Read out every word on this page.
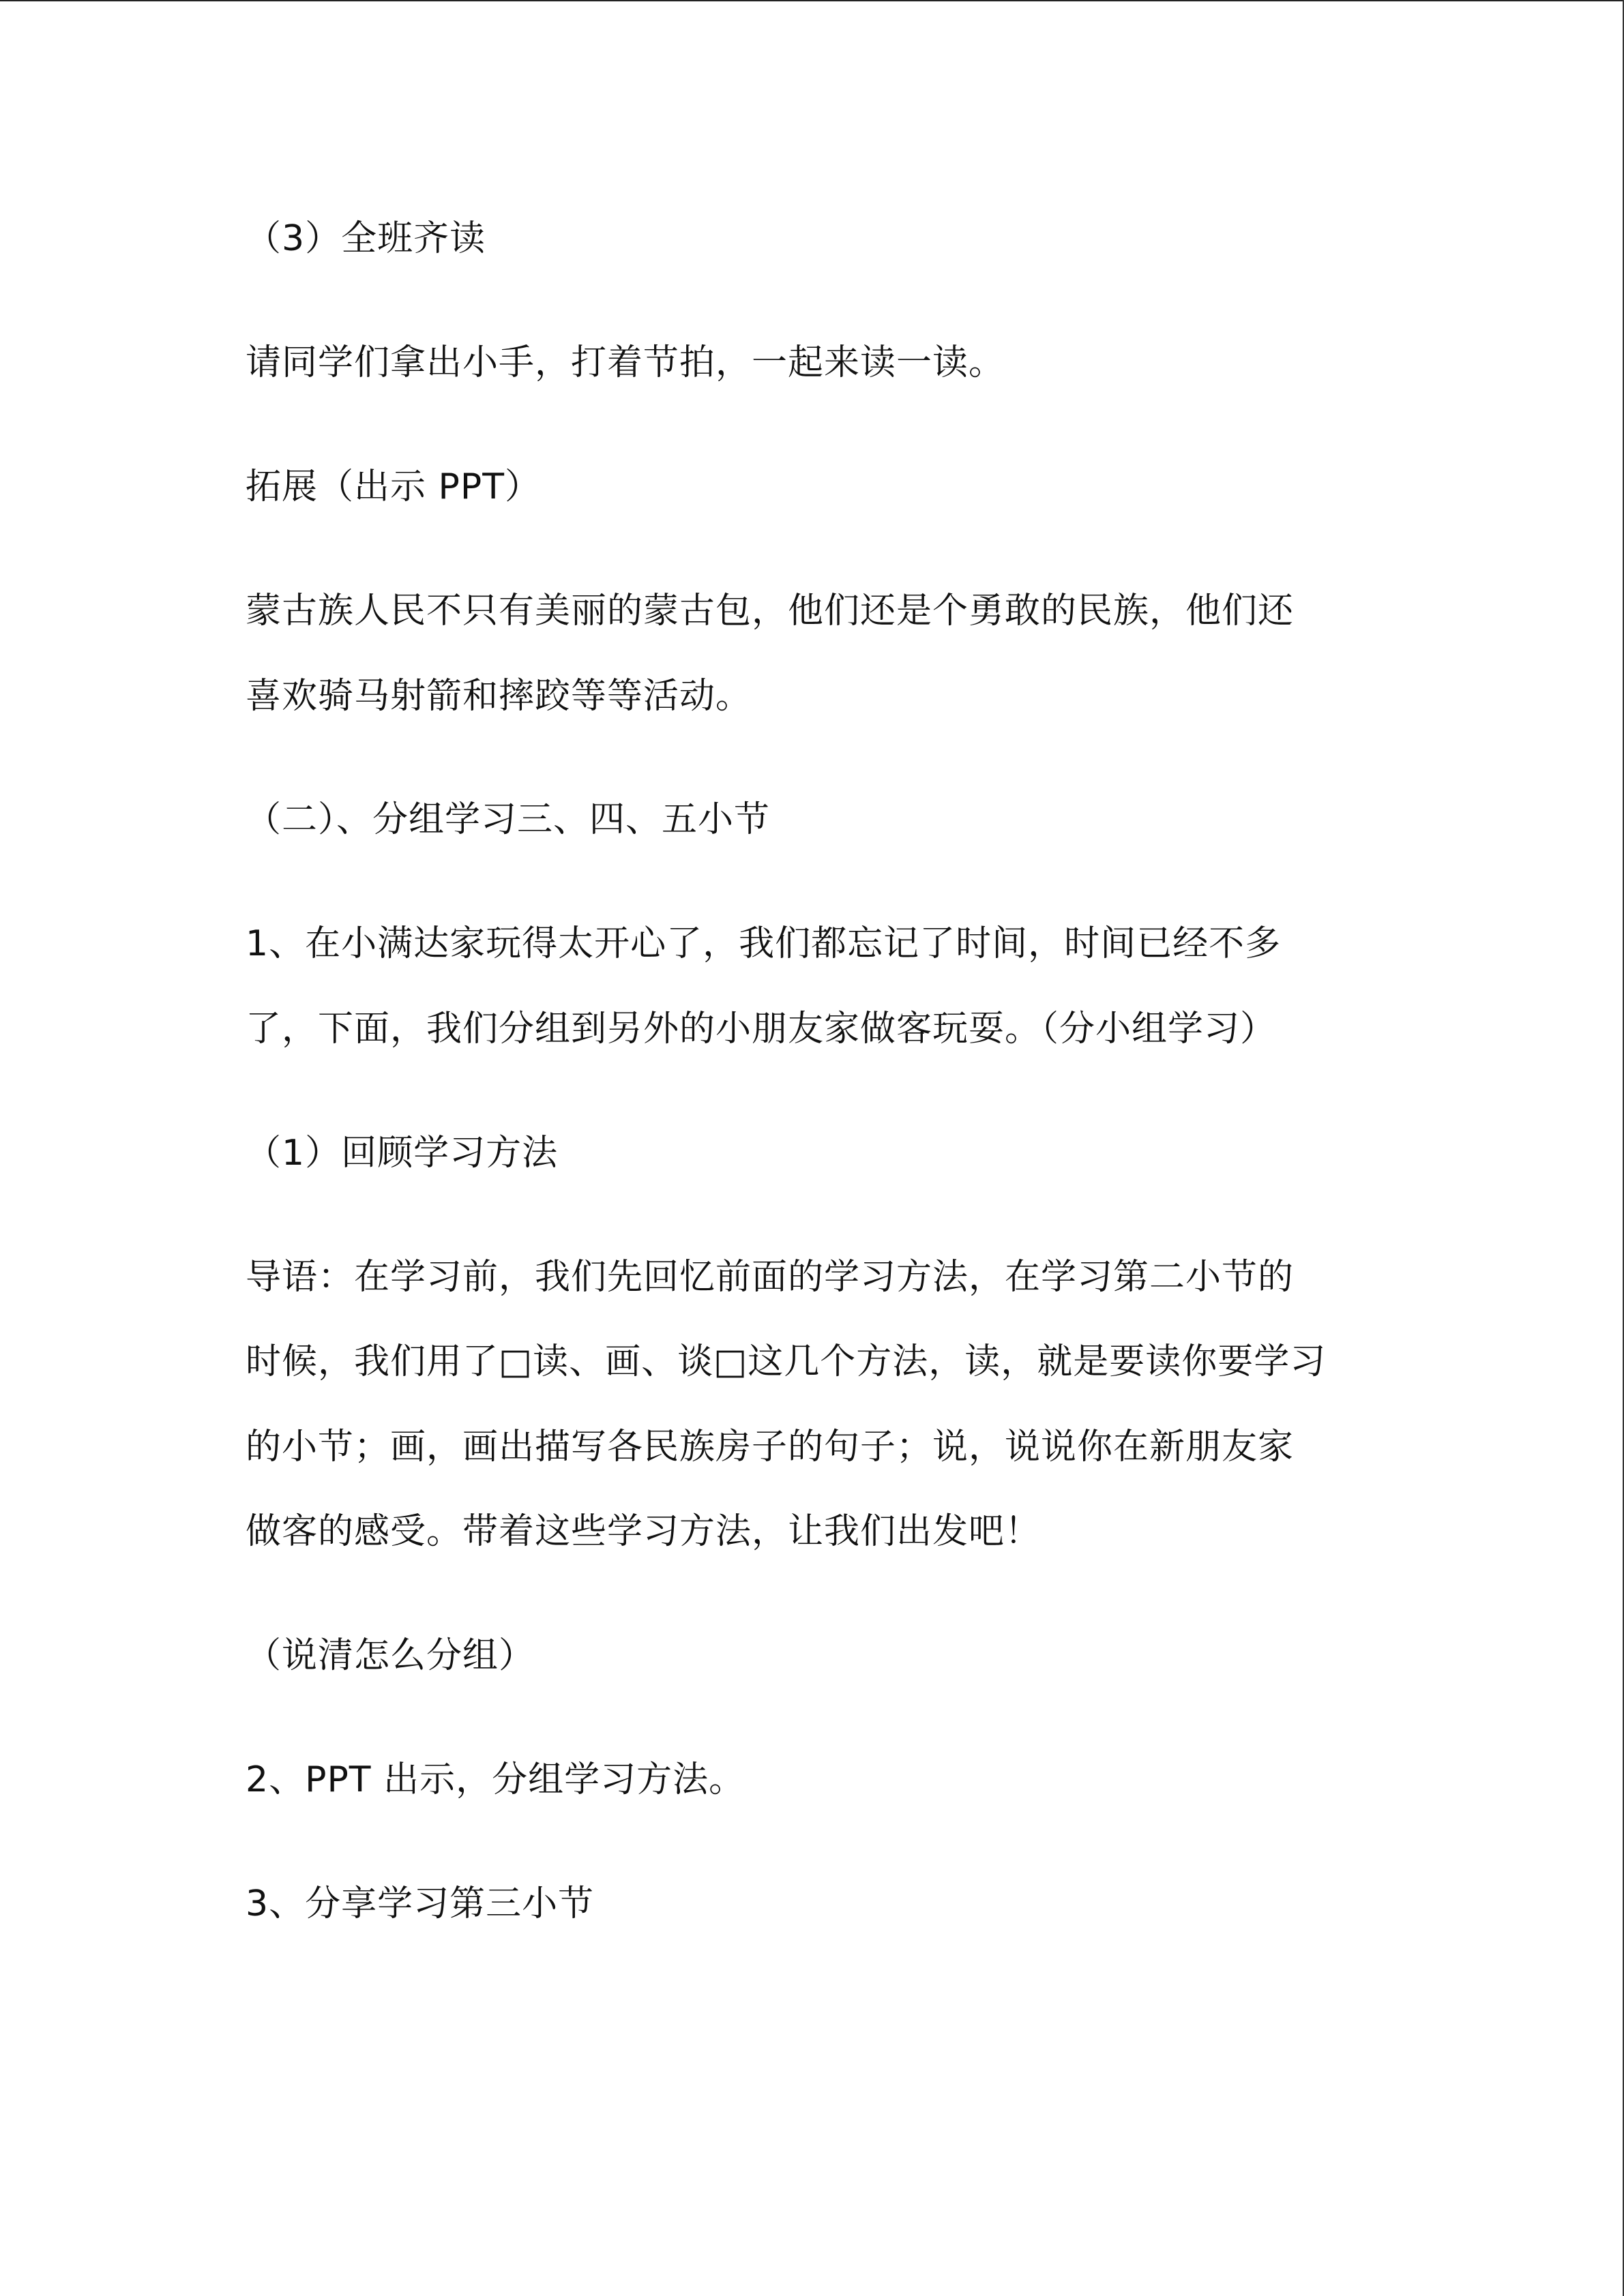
（3）全班齐读
请同学们拿出小手，打着节拍，一起来读一读。
拓展（出示 PPT）
蒙古族人民不只有美丽的蒙古包，他们还是个勇敢的民族，他们还
喜欢骑马射箭和摔跤等等活动。
（二）、分组学习三、四、五小节
1、在小满达家玩得太开心了，我们都忘记了时间，时间已经不多
了，下面，我们分组到另外的小朋友家做客玩耍。（分小组学习）
（1）回顾学习方法
导语：在学习前，我们先回忆前面的学习方法，在学习第二小节的
时候，我们用了□读、画、谈□这几个方法，读，就是要读你要学习
的小节；画，画出描写各民族房子的句子；说，说说你在新朋友家
做客的感受。带着这些学习方法，让我们出发吧！
（说清怎么分组）
2、PPT 出示，分组学习方法。
3、分享学习第三小节
